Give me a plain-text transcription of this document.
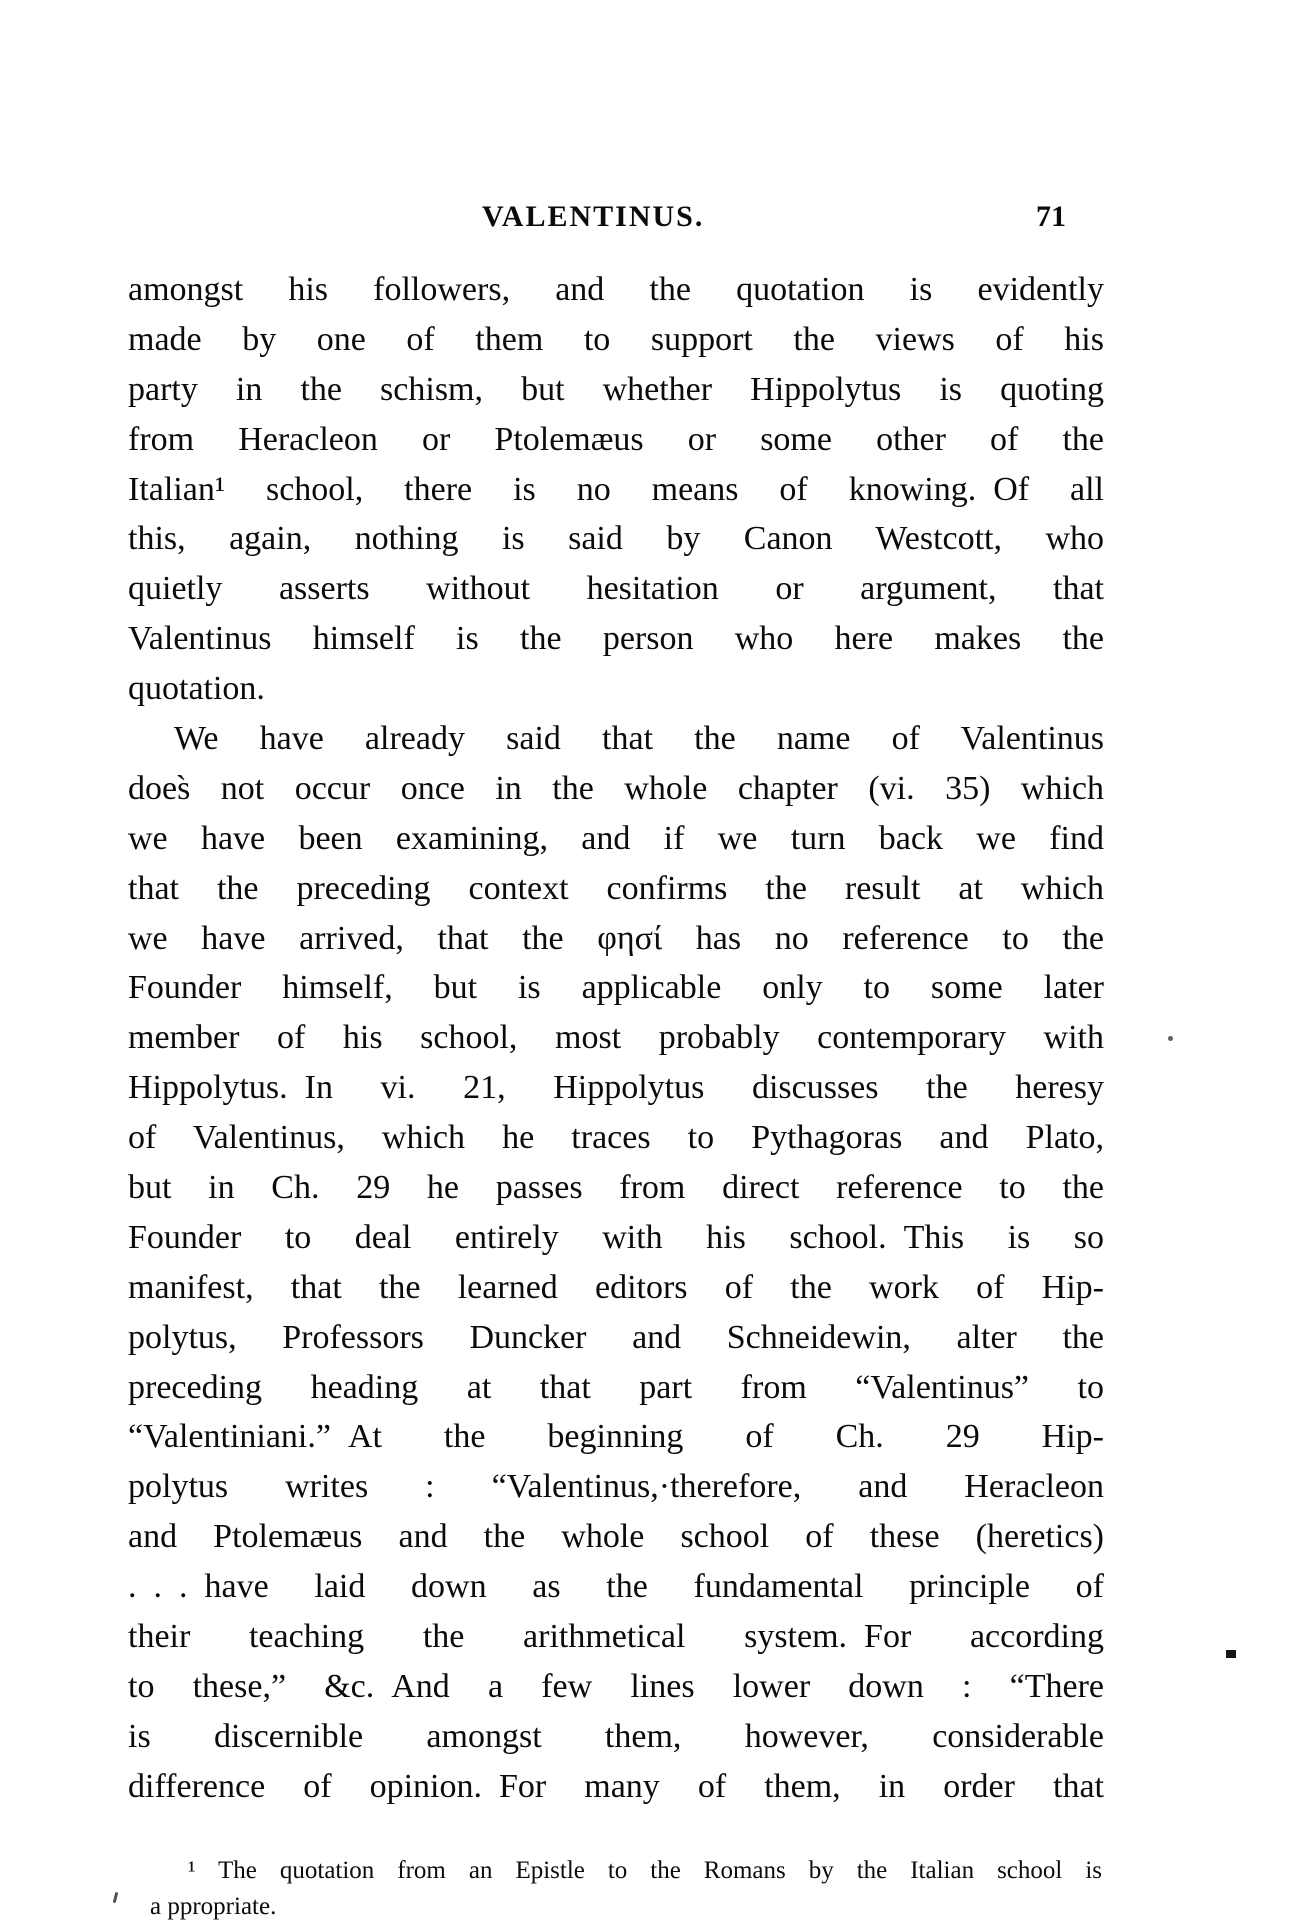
VALENTINUS.	71
amongst his followers, and the quotation is evidently
made by one of them to support the views of his
party in the schism, but whether Hippolytus is quoting
from Heracleon or Ptolemæus or some other of the
Italian¹ school, there is no means of knowing. Of all
this, again, nothing is said by Canon Westcott, who
quietly asserts without hesitation or argument, that
Valentinus himself is the person who here makes the
quotation.
We have already said that the name of Valentinus
does̀ not occur once in the whole chapter (vi. 35) which
we have been examining, and if we turn back we find
that the preceding context confirms the result at which
we have arrived, that the φησί has no reference to the
Founder himself, but is applicable only to some later
member of his school, most probably contemporary with
Hippolytus. In vi. 21, Hippolytus discusses the heresy
of Valentinus, which he traces to Pythagoras and Plato,
but in Ch. 29 he passes from direct reference to the
Founder to deal entirely with his school. This is so
manifest, that the learned editors of the work of Hip-
polytus, Professors Duncker and Schneidewin, alter the
preceding heading at that part from “Valentinus” to
“Valentiniani.” At the beginning of Ch. 29 Hip-
polytus writes : “Valentinus,·therefore, and Heracleon
and Ptolemæus and the whole school of these (heretics)
. . . have laid down as the fundamental principle of
their teaching the arithmetical system. For according
to these,” &c. And a few lines lower down : “There
is discernible amongst them, however, considerable
difference of opinion. For many of them, in order that
¹ The quotation from an Epistle to the Romans by the Italian school is
a ppropriate.
